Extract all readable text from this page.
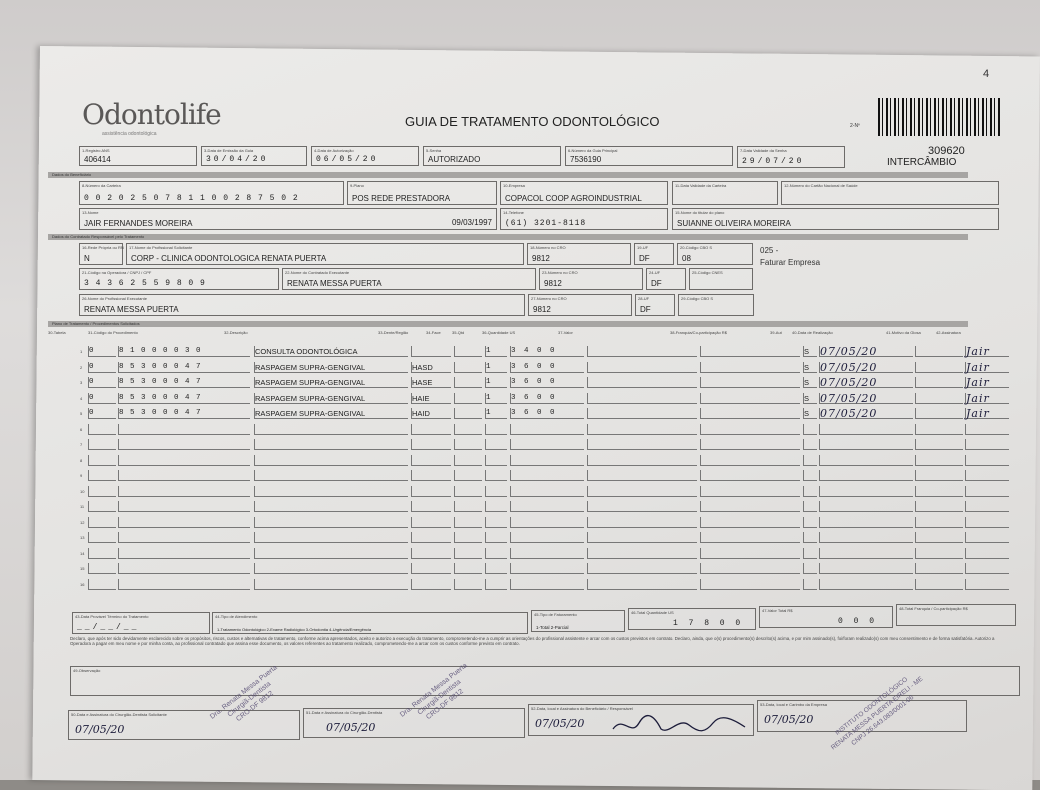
4
Odontolife
assistência odontológica
GUIA DE TRATAMENTO ODONTOLÓGICO	2-Nº
309620
INTERCÂMBIO
1-Registro ANS
406414
3-Data de Emissão da Guia
30/04/20
4-Data de Autorização
06/05/20
5-Senha
AUTORIZADO
6-Número da Guia Principal
7536190
7-Data Validade da Senha
29/07/20
Dados do Beneficiário
8-Número da Carteira
0 0 2 0 2 5 0 7 8 1 1 0 0 2 8 7 5 0 2
9-Plano
POS REDE PRESTADORA
10-Empresa
COPACOL COOP AGROINDUSTRIAL
11-Data Validade da Carteira	12-Número do Cartão Nacional de Saúde
13-Nome
JAIR FERNANDES MOREIRA	09/03/1997
14-Telefone
(61) 3201-8118
15-Nome do titular do plano
SUIANNE OLIVEIRA MOREIRA
Dados do Contratado Responsável pelo Tratamento
16-Rede Própria ou RN
N
17-Nome do Profissional Solicitante
CORP - CLINICA ODONTOLOGICA RENATA PUERTA
18-Número no CRO
9812
19-UF
DF
20-Código CBO S
08
025 -
Faturar Empresa
21-Código na Operadora / CNPJ / CPF
3 4 3 6 2 5 5 9 8 0 9
22-Nome do Contratado Executante
RENATA MESSA PUERTA
23-Número no CRO
9812
24-UF
DF
25-Código CNES
26-Nome do Profissional Executante
RENATA MESSA PUERTA
27-Número no CRO
9812
28-UF
DF
29-Código CBO S
Plano de Tratamento / Procedimentos Solicitados
30-Tabela	31-Código do Procedimento	32-Descrição	33-Dente/Região	34-Face	35-Qtd	36-Quantidade US	37-Valor	38-Franquia/Co-participação R$	39-Aut	40-Data de Realização	41-Motivo da Glosa	42-Assinatura
1 0	8 1 0 0 0 0 3 0	CONSULTA ODONTOLÓGICA	1	3 4 0 0	S 07/05/20	Jair
2 0	8 5 3 0 0 0 4 7	RASPAGEM SUPRA-GENGIVAL	HASD	1	3 6 0 0	S 07/05/20	Jair
3 0	8 5 3 0 0 0 4 7	RASPAGEM SUPRA-GENGIVAL	HASE	1	3 6 0 0	S 07/05/20	Jair
4 0	8 5 3 0 0 0 4 7	RASPAGEM SUPRA-GENGIVAL	HAIE	1	3 6 0 0	S 07/05/20	Jair
5 0	8 5 3 0 0 0 4 7	RASPAGEM SUPRA-GENGIVAL	HAID	1	3 6 0 0	S 07/05/20	Jair
6
7
8
9
10
11
12
13
14
15
16
43-Data Provável Término do Tratamento
__/__/__
44-Tipo de Atendimento
1-Tratamento Odontológico 2-Exame Radiológico 3-Ortodontia 4-Urgência/Emergência
45-Tipo de Faturamento
1-Total 2-Parcial
46-Total Quantidade US
1 7 8 0 0
47-Valor Total R$
0 0 0
48-Total Franquia / Co-participação R$
Declaro, que após ter sido devidamente esclarecido sobre os propósitos, riscos, custos e alternativas de tratamento, conforme acima apresentados, aceito e autorizo a execução do tratamento, comprometendo-me a cumprir as orientações do profissional assistente e arcar com os custos previstos em contrato. Declaro, ainda, que o(s) procedimento(s) descrito(s) acima, e por mim assinado(s), foi/foram realizado(s) com meu consentimento e de forma satisfatória. Autorizo a Operadora a pagar em meu nome e por minha conta, ao profissional contratado que assina esse documento, os valores referentes ao tratamento realizado, comprometendo-me a arcar com os custos conforme previsto em contrato.
49-Observação
50-Data e Assinatura do Cirurgião-Dentista Solicitante
07/05/20
51-Data e Assinatura do Cirurgião-Dentista
07/05/20
52-Data, local e Assinatura do Beneficiário / Responsável
07/05/20
53-Data, local e Carimbo da Empresa
07/05/20
Dra. Renata Messa Puerta
Cirurgiã-Dentista
CRO-DF 9812	Dra. Renata Messa Puerta
Cirurgiã-Dentista
CRO-DF 9812	INSTITUTO ODONTOLÓGICO
RENATA MESSA PUERTA EIRELI - ME
CNPJ 26.643.083/0001-06
